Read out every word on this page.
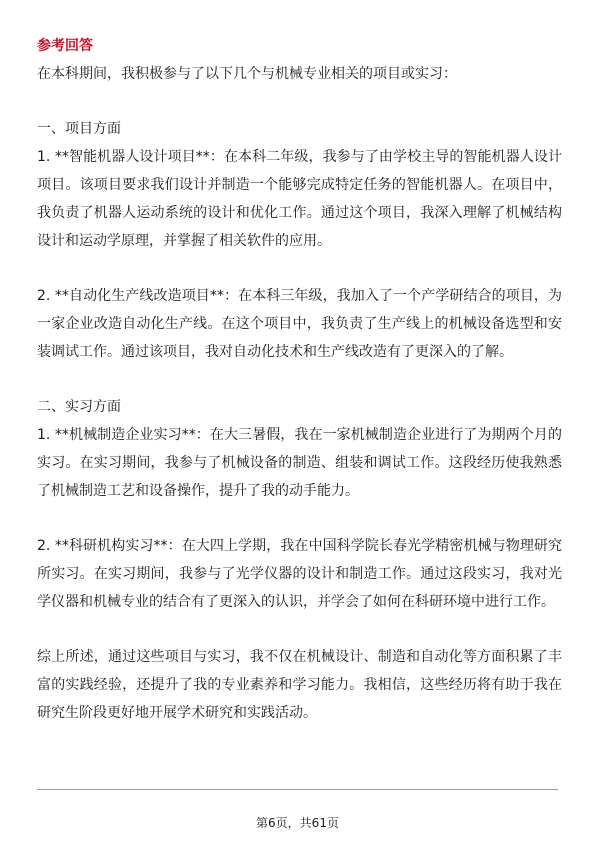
参考回答

在本科期间，我积极参与了以下几个与机械专业相关的项目或实习：

一、项目方面

1. **智能机器人设计项目**：在本科二年级，我参与了由学校主导的智能机器人设计项目。该项目要求我们设计并制造一个能够完成特定任务的智能机器人。在项目中，我负责了机器人运动系统的设计和优化工作。通过这个项目，我深入理解了机械结构设计和运动学原理，并掌握了相关软件的应用。

2. **自动化生产线改造项目**：在本科三年级，我加入了一个产学研结合的项目，为一家企业改造自动化生产线。在这个项目中，我负责了生产线上的机械设备选型和安装调试工作。通过该项目，我对自动化技术和生产线改造有了更深入的了解。

二、实习方面

1. **机械制造企业实习**：在大三暑假，我在一家机械制造企业进行了为期两个月的实习。在实习期间，我参与了机械设备的制造、组装和调试工作。这段经历使我熟悉了机械制造工艺和设备操作，提升了我的动手能力。

2. **科研机构实习**：在大四上学期，我在中国科学院长春光学精密机械与物理研究所实习。在实习期间，我参与了光学仪器的设计和制造工作。通过这段实习，我对光学仪器和机械专业的结合有了更深入的认识，并学会了如何在科研环境中进行工作。

综上所述，通过这些项目与实习，我不仅在机械设计、制造和自动化等方面积累了丰富的实践经验，还提升了我的专业素养和学习能力。我相信，这些经历将有助于我在研究生阶段更好地开展学术研究和实践活动。

第6页，共61页
